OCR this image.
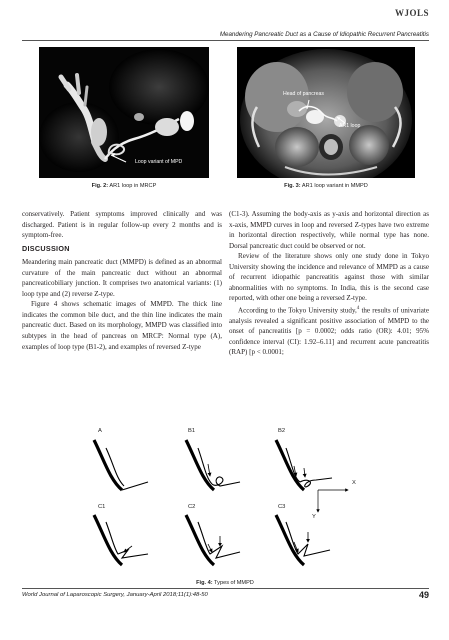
WJOLS
Meandering Pancreatic Duct as a Cause of Idiopathic Recurrent Pancreatitis
Loop variant of MPD
Fig. 2: AR1 loop in MRCP
Head of pancreas
AR1 loop
Fig. 3: AR1 loop variant in MMPD

conservatively. Patient symptoms improved clinically and was discharged. Patient is in regular follow-up every 2 months and is symptom-free.

DISCUSSION

Meandering main pancreatic duct (MMPD) is defined as an abnormal curvature of the main pancreatic duct without an abnormal pancreaticobiliary junction. It comprises two anatomical variants: (1) loop type and (2) reverse Z-type.

Figure 4 shows schematic images of MMPD. The thick line indicates the common bile duct, and the thin line indicates the main pancreatic duct. Based on its morphology, MMPD was classified into subtypes in the head of pancreas on MRCP: Normal type (A), examples of loop type (B1-2), and examples of reversed Z-type

(C1-3). Assuming the body-axis as y-axis and horizontal direction as x-axis, MMPD curves in loop and reversed Z-types have two extreme in horizontal direction respectively, while normal type has none. Dorsal pancreatic duct could be observed or not.

Review of the literature shows only one study done in Tokyo University showing the incidence and relevance of MMPD as a cause of recurrent idiopathic pancreatitis against those with similar abnormalities with no symptoms. In India, this is the second case reported, with other one being a reversed Z-type.

According to the Tokyo University study,$^4$ the results of univariate analysis revealed a significant positive association of MMPD to the onset of pancreatitis [p = 0.0002; odds ratio (OR): 4.01; 95% confidence interval (CI): 1.92–6.11] and recurrent acute pancreatitis (RAP) [p < 0.0001;

A	B1	B2
C1	C2	C3
X
Y
Fig. 4: Types of MMPD
World Journal of Laparoscopic Surgery, January-April 2018;11(1):48-50	49
